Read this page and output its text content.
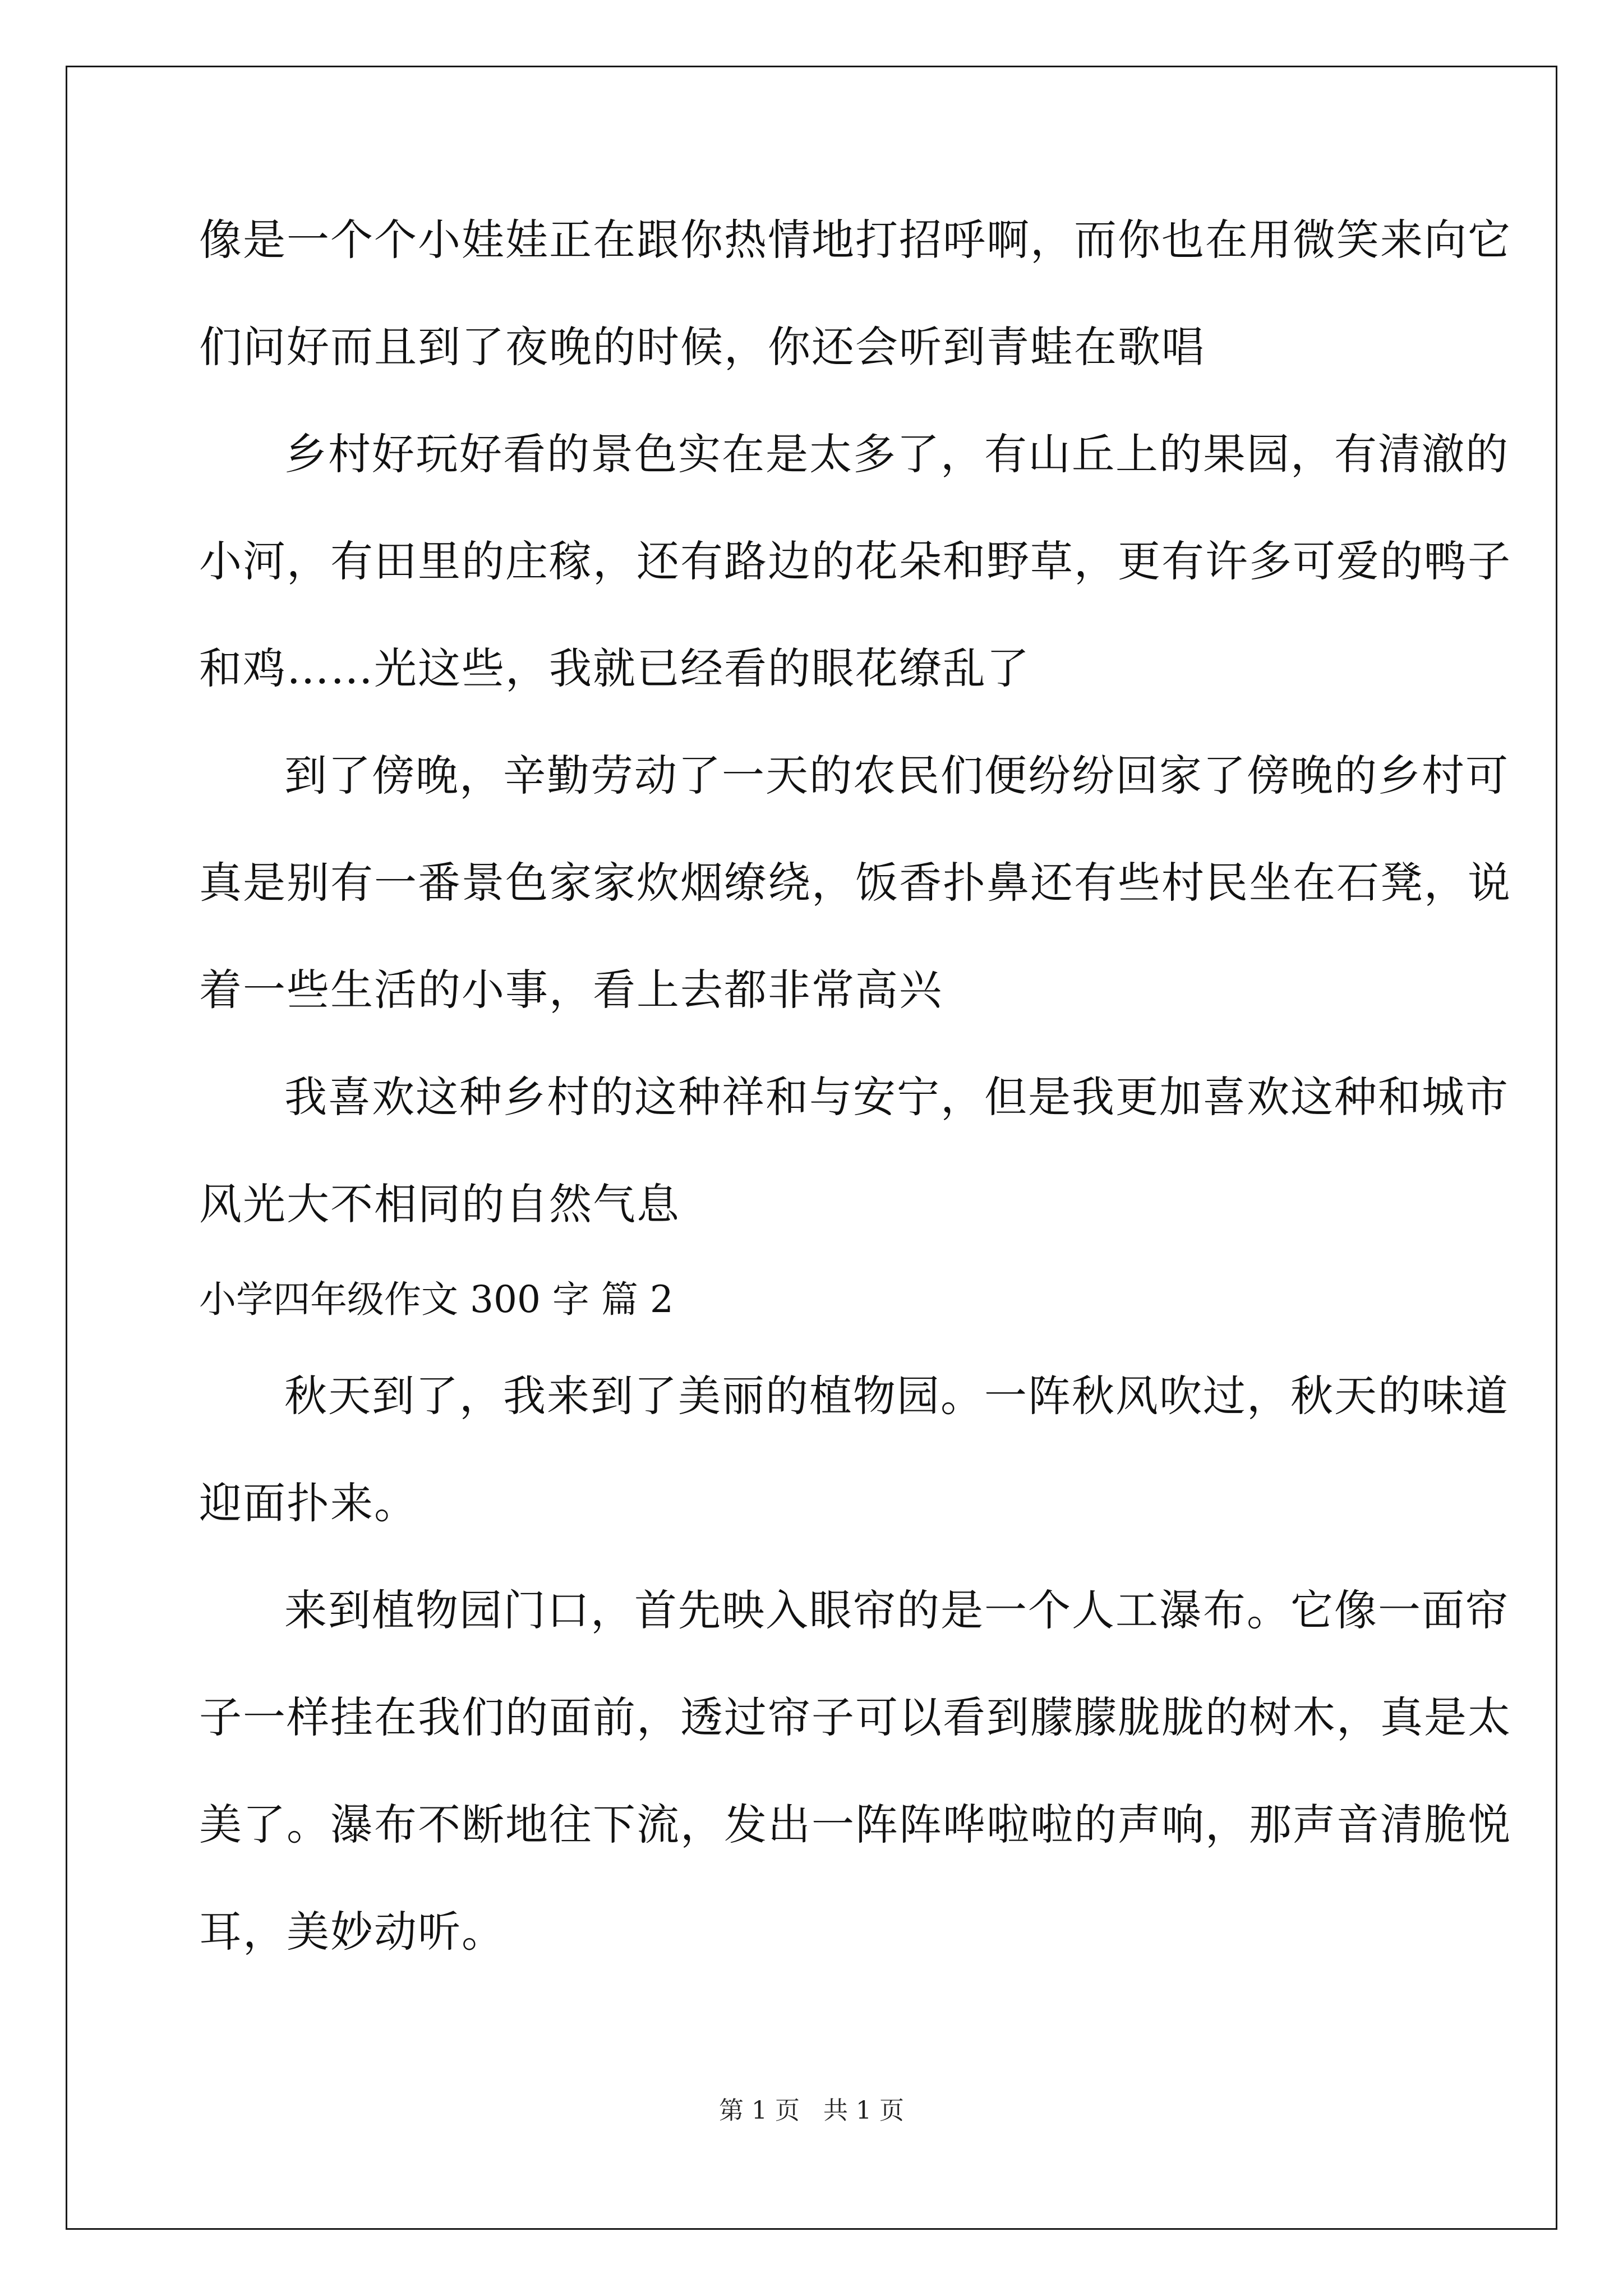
像是一个个小娃娃正在跟你热情地打招呼啊，而你也在用微笑来向它
们问好而且到了夜晚的时候，你还会听到青蛙在歌唱
乡村好玩好看的景色实在是太多了，有山丘上的果园，有清澈的
小河，有田里的庄稼，还有路边的花朵和野草，更有许多可爱的鸭子
和鸡……光这些，我就已经看的眼花缭乱了
到了傍晚，辛勤劳动了一天的农民们便纷纷回家了傍晚的乡村可
真是别有一番景色家家炊烟缭绕，饭香扑鼻还有些村民坐在石凳，说
着一些生活的小事，看上去都非常高兴
我喜欢这种乡村的这种祥和与安宁，但是我更加喜欢这种和城市
风光大不相同的自然气息
小学四年级作文 300 字 篇 2
秋天到了，我来到了美丽的植物园。一阵秋风吹过，秋天的味道
迎面扑来。
来到植物园门口，首先映入眼帘的是一个人工瀑布。它像一面帘
子一样挂在我们的面前，透过帘子可以看到朦朦胧胧的树木，真是太
美了。瀑布不断地往下流，发出一阵阵哗啦啦的声响，那声音清脆悦
耳，美妙动听。
第 1 页 共 1 页
